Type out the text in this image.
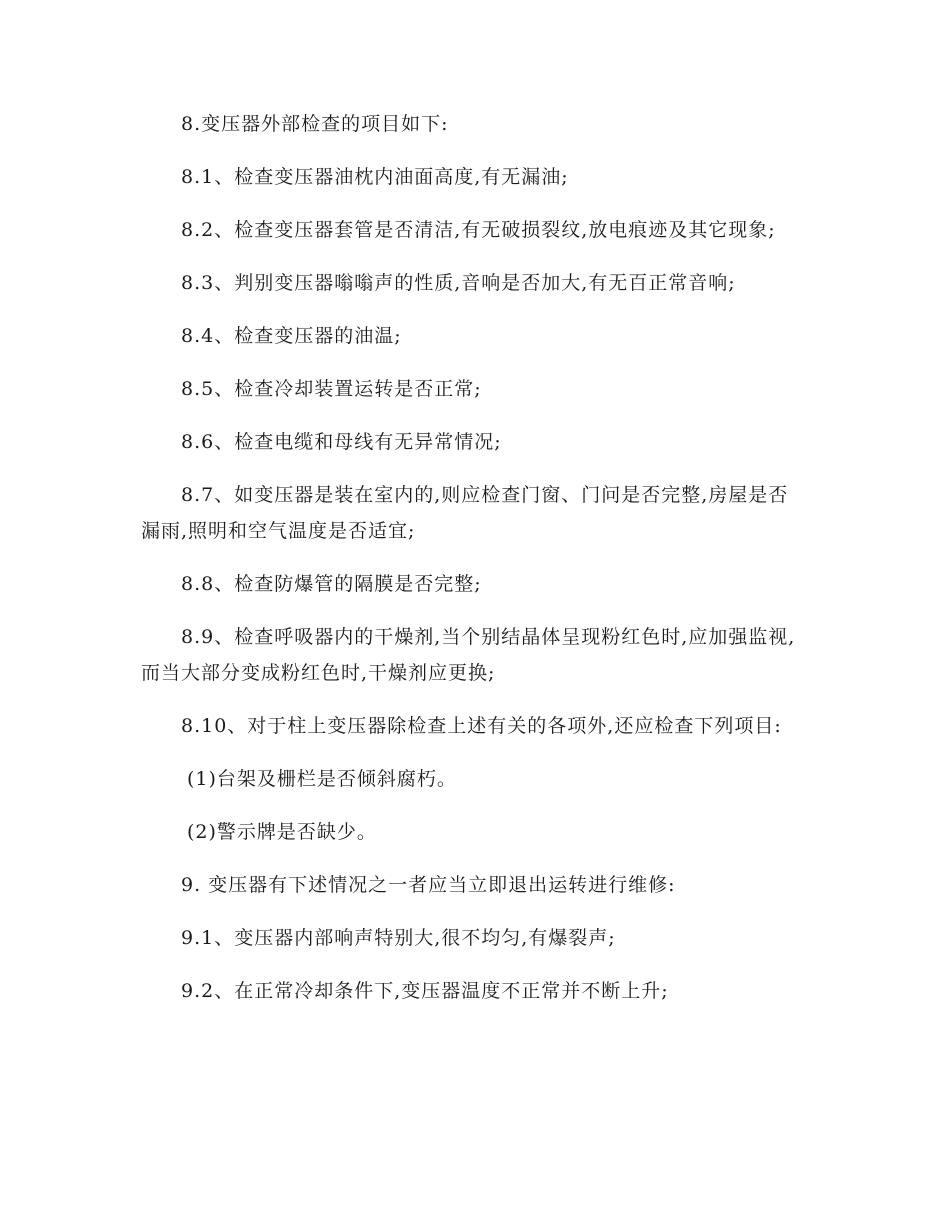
8.变压器外部检查的项目如下:

8.1、检查变压器油枕内油面高度,有无漏油;

8.2、检查变压器套管是否清洁,有无破损裂纹,放电痕迹及其它现象;

8.3、判别变压器嗡嗡声的性质,音响是否加大,有无百正常音响;

8.4、检查变压器的油温;

8.5、检查冷却装置运转是否正常;

8.6、检查电缆和母线有无异常情况;

8.7、如变压器是装在室内的,则应检查门窗、门问是否完整,房屋是否漏雨,照明和空气温度是否适宜;

8.8、检查防爆管的隔膜是否完整;

8.9、检查呼吸器内的干燥剂,当个别结晶体呈现粉红色时,应加强监视,而当大部分变成粉红色时,干燥剂应更换;

8.10、对于柱上变压器除检查上述有关的各项外,还应检查下列项目:

(1)台架及栅栏是否倾斜腐朽。

(2)警示牌是否缺少。

9. 变压器有下述情况之一者应当立即退出运转进行维修:

9.1、变压器内部响声特别大,很不均匀,有爆裂声;

9.2、在正常冷却条件下,变压器温度不正常并不断上升;
